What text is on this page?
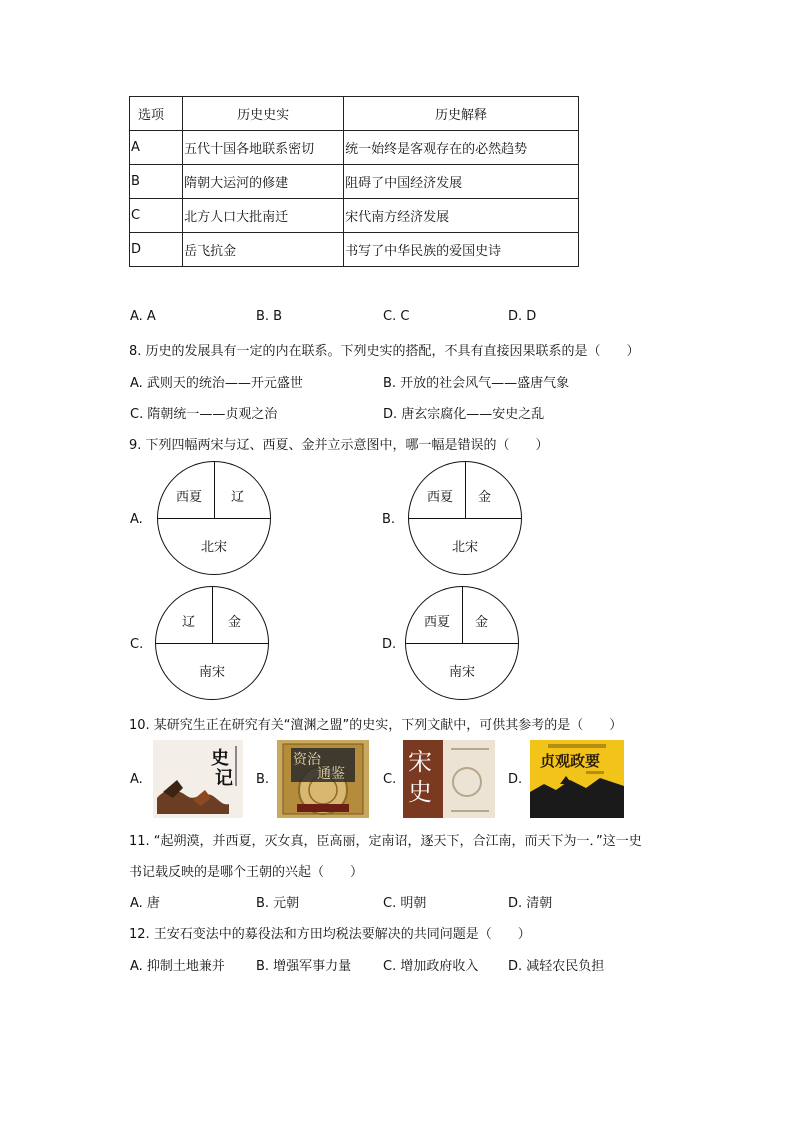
选项	历史史实	历史解释
A	五代十国各地联系密切	统一始终是客观存在的必然趋势
B	隋朝大运河的修建	阻碍了中国经济发展
C	北方人口大批南迁	宋代南方经济发展
D	岳飞抗金	书写了中华民族的爱国史诗
A. A	B. B	C. C	D. D
8. 历史的发展具有一定的内在联系。下列史实的搭配，不具有直接因果联系的是（　　）
A. 武则天的统治——开元盛世	B. 开放的社会风气——盛唐气象
C. 隋朝统一——贞观之治	D. 唐玄宗腐化——安史之乱
9. 下列四幅两宋与辽、西夏、金并立示意图中，哪一幅是错误的（　　）
A.
西夏 辽
北宋
B.
西夏 金
北宋
C.
辽	金
南宋
D.
西夏 金
南宋
10. 某研究生正在研究有关“澶渊之盟”的史实，下列文献中，可供其参考的是（　　）
A.
史
记 B.
资治
通鉴	C.
宋
史	D.
贞观政要
11. “起朔漠，并西夏，灭女真，臣高丽，定南诏，逐天下，合江南，而天下为一．”这一史
书记载反映的是哪个王朝的兴起（　　）
A. 唐	B. 元朝	C. 明朝	D. 清朝
12. 王安石变法中的募役法和方田均税法要解决的共同问题是（　　）
A. 抑制土地兼并 B. 增强军事力量 C. 增加政府收入 D. 减轻农民负担
